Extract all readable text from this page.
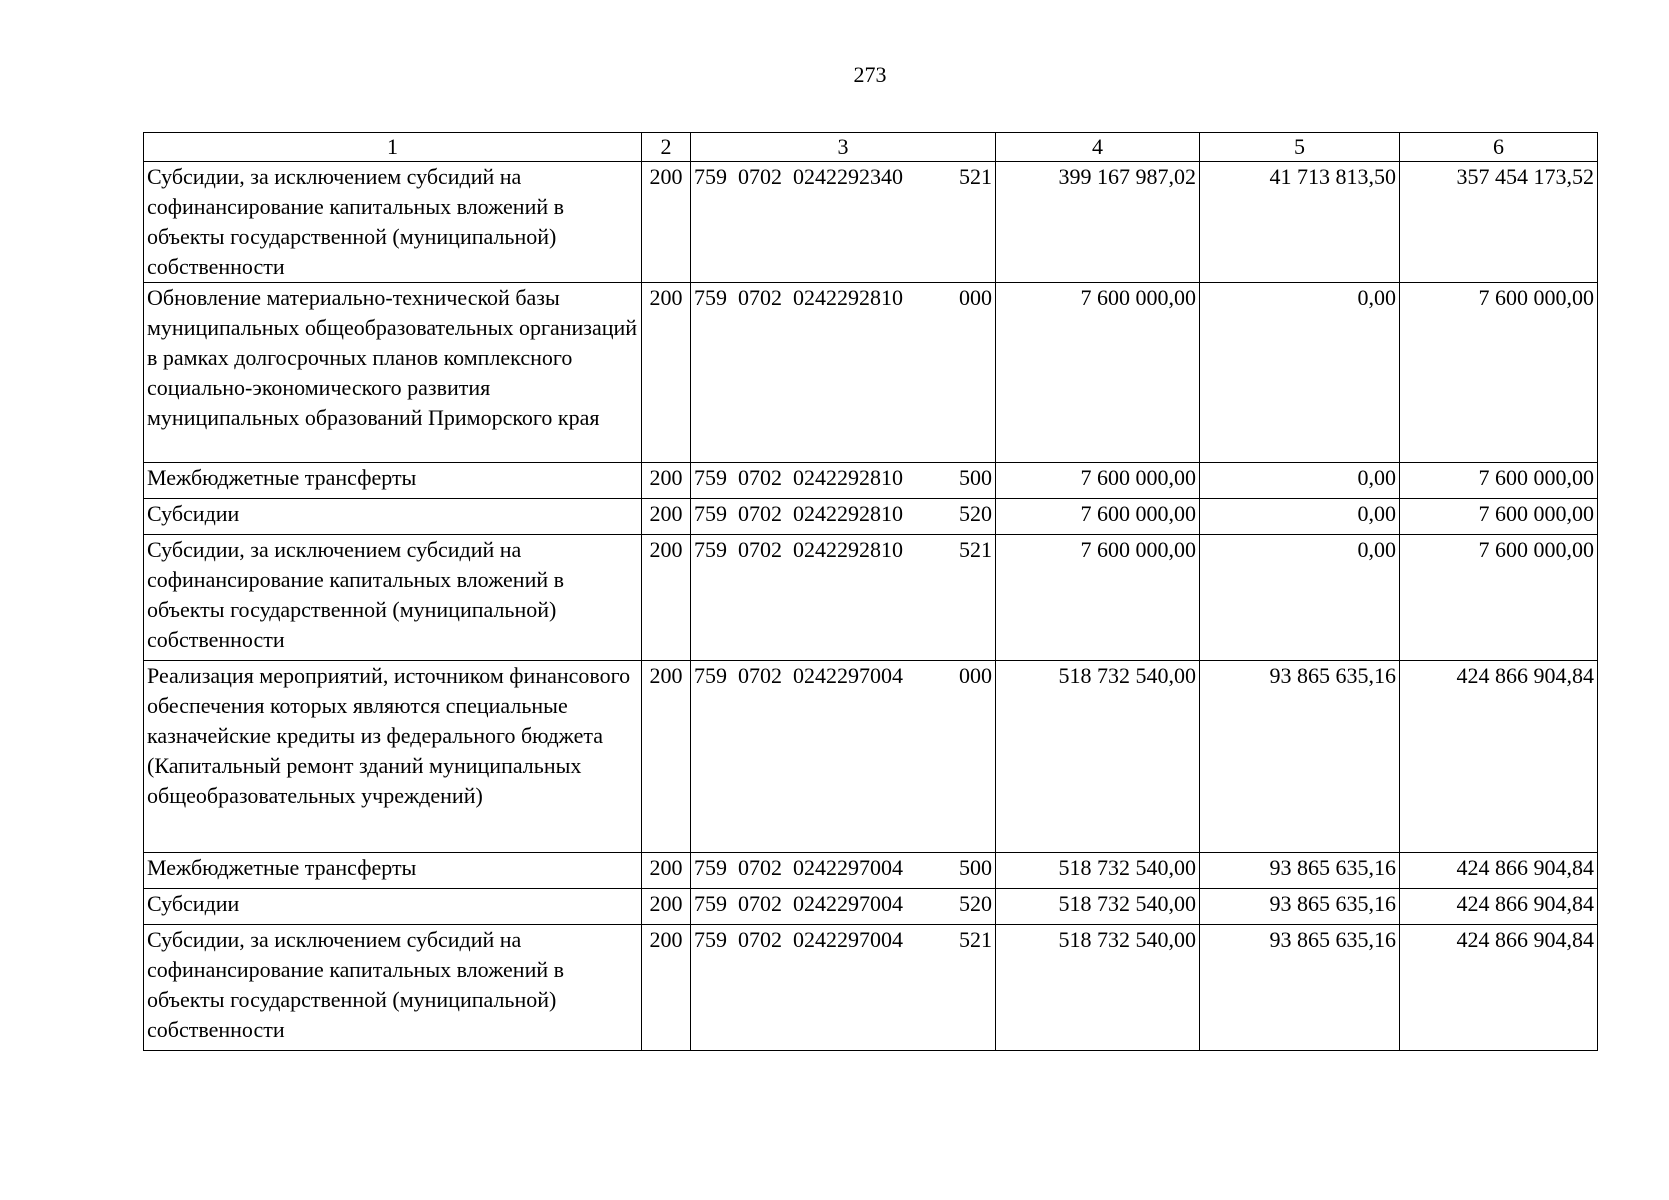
273
1	2	3	4	5	6
Субсидии, за исключением субсидий на софинансирование капитальных вложений в объекты государственной (муниципальной) собственности	200	759  0702  0242292340 521	399 167 987,02	41 713 813,50	357 454 173,52
Обновление материально-технической базы муниципальных общеобразовательных организаций в рамках долгосрочных планов комплексного социально-экономического развития муниципальных образований Приморского края	200	759  0702  0242292810 000	7 600 000,00	0,00	7 600 000,00
Межбюджетные трансферты	200	759  0702  0242292810 500	7 600 000,00	0,00	7 600 000,00
Субсидии	200	759  0702  0242292810 520	7 600 000,00	0,00	7 600 000,00
Субсидии, за исключением субсидий на софинансирование капитальных вложений в объекты государственной (муниципальной) собственности	200	759  0702  0242292810 521	7 600 000,00	0,00	7 600 000,00
Реализация мероприятий, источником финансового обеспечения которых являются специальные казначейские кредиты из федерального бюджета (Капитальный ремонт зданий муниципальных общеобразовательных учреждений)	200	759  0702  0242297004 000	518 732 540,00	93 865 635,16	424 866 904,84
Межбюджетные трансферты	200	759  0702  0242297004 500	518 732 540,00	93 865 635,16	424 866 904,84
Субсидии	200	759  0702  0242297004 520	518 732 540,00	93 865 635,16	424 866 904,84
Субсидии, за исключением субсидий на софинансирование капитальных вложений в объекты государственной (муниципальной) собственности	200	759  0702  0242297004 521	518 732 540,00	93 865 635,16	424 866 904,84
